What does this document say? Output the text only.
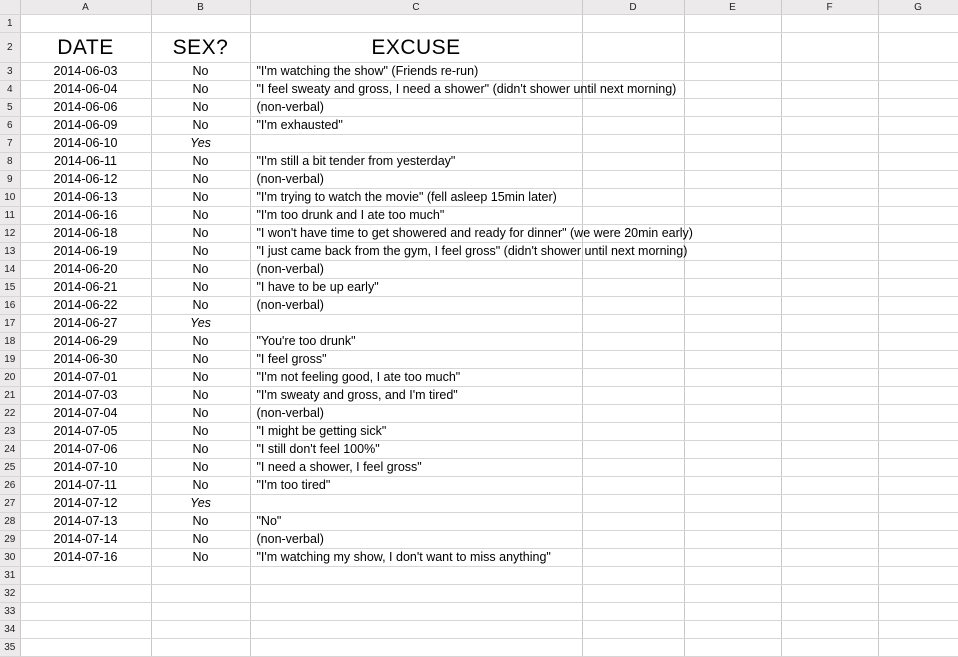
	A	B	C	D	E	F	G
1							
2	DATE	SEX?	EXCUSE				
3	2014-06-03	No	"I'm watching the show" (Friends re-run)				

4	2014-06-04	No	"I feel sweaty and gross, I need a shower" (didn't shower until next morning)				

5	2014-06-06	No	(non-verbal)				

6	2014-06-09	No	"I'm exhausted"				

7	2014-06-10	Yes	

8	2014-06-11	No	"I'm still a bit tender from yesterday"				

9	2014-06-12	No	(non-verbal)				

10	2014-06-13	No	"I'm trying to watch the movie" (fell asleep 15min later)				

11	2014-06-16	No	"I'm too drunk and I ate too much"				

12	2014-06-18	No	"I won't have time to get showered and ready for dinner" (we were 20min early)				

13	2014-06-19	No	"I just came back from the gym, I feel gross" (didn't shower until next morning)				

14	2014-06-20	No	(non-verbal)				

15	2014-06-21	No	"I have to be up early"				

16	2014-06-22	No	(non-verbal)				

17	2014-06-27	Yes	

18	2014-06-29	No	"You're too drunk"				

19	2014-06-30	No	"I feel gross"				

20	2014-07-01	No	"I'm not feeling good, I ate too much"				

21	2014-07-03	No	"I'm sweaty and gross, and I'm tired"				

22	2014-07-04	No	(non-verbal)				

23	2014-07-05	No	"I might be getting sick"				

24	2014-07-06	No	"I still don't feel 100%"				

25	2014-07-10	No	"I need a shower, I feel gross"				

26	2014-07-11	No	"I'm too tired"				

27	2014-07-12	Yes	

28	2014-07-13	No	"No"				

29	2014-07-14	No	(non-verbal)				

30	2014-07-16	No	"I'm watching my show, I don't want to miss anything"				

31			

32			

33			

34			

35			
